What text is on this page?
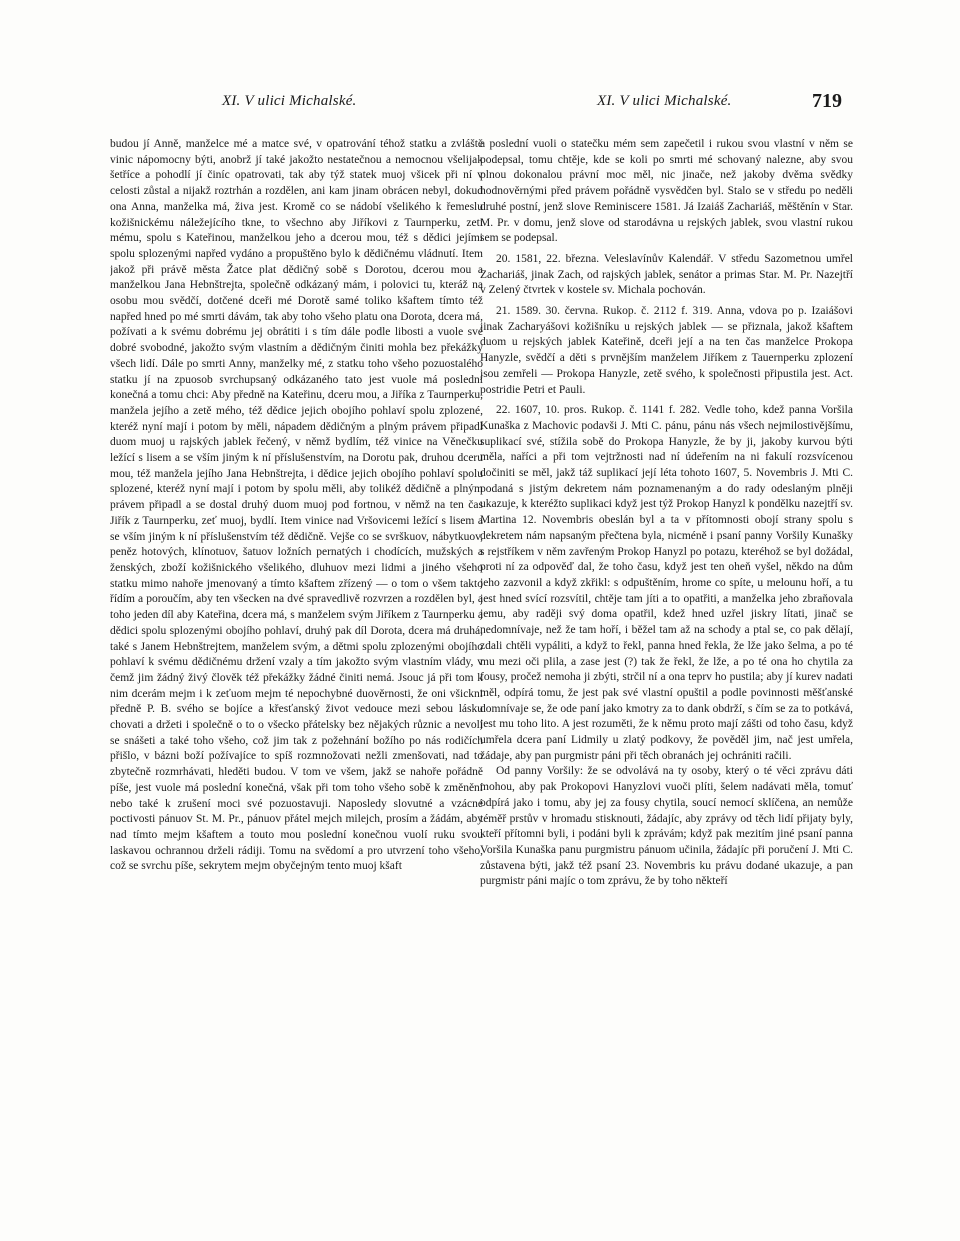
XI. V ulici Michalské.	XI. V ulici Michalské.	719

budou jí Anně, manželce mé a matce své, v opatrování téhož statku a zvláště vinic nápomocny býti, anobrž jí také jakožto nestatečnou a nemocnou všelijak šetříce a pohodlí jí činíc opatrovati, tak aby týž statek muoj všicek při ní v celosti zůstal a nijakž roztrhán a rozdělen, ani kam jinam obrácen nebyl, dokud ona Anna, manželka má, živa jest. Kromě co se nádobí všelikého k řemeslu kožišnickému náležejícího tkne, to všechno aby Jiříkovi z Taurnperku, zeti mému, spolu s Kateřinou, manželkou jeho a dcerou mou, též s dědici jejími spolu splozenými napřed vydáno a propuštěno bylo k dědičnému vládnutí. Item jakož při právě města Žatce plat dědičný sobě s Dorotou, dcerou mou a manželkou Jana Hebnštrejta, společně odkázaný mám, i polovici tu, kteráž na osobu mou svědčí, dotčené dceři mé Dorotě samé toliko kšaftem tímto též napřed hned po mé smrti dávám, tak aby toho všeho platu ona Dorota, dcera má, požívati a k svému dobrému jej obrátiti i s tím dále podle libosti a vuole své dobré svobodné, jakožto svým vlastním a dědičným činiti mohla bez překážky všech lidí. Dále po smrti Anny, manželky mé, z statku toho všeho pozuostalého statku jí na zpuosob svrchupsaný odkázaného tato jest vuole má poslední konečná a tomu chci: Aby předně na Kateřinu, dceru mou, a Jiříka z Taurnperku, manžela jejího a zetě mého, též dědice jejich obojího pohlaví spolu zplozené, kteréž nyní mají i potom by měli, nápadem dědičným a plným právem připadl duom muoj u rajských jablek řečený, v němž bydlím, též vinice na Věnečku ležící s lisem a se vším jiným k ní příslušenstvím, na Dorotu pak, druhou dceru mou, též manžela jejího Jana Hebnštrejta, i dědice jejich obojího pohlaví spolu splozené, kteréž nyní mají i potom by spolu měli, aby tolikéž dědičně a plným právem připadl a se dostal druhý duom muoj pod fortnou, v němž na ten čas Jiřík z Taurnperku, zeť muoj, bydlí. Item vinice nad Vršovicemi ležící s lisem a se vším jiným k ní příslušenstvím též dědičně. Vejše co se svrškuov, nábytkuov, peněz hotových, klínotuov, šatuov ložních pernatých i chodících, mužských a ženských, zboží kožišnického všelikého, dluhuov mezi lidmi a jiného všeho statku mimo nahoře jmenovaný a tímto kšaftem zřízený — o tom o všem takto řídím a poroučím, aby ten všecken na dvé spravedlivě rozvrzen a rozdělen byl, a toho jeden díl aby Kateřina, dcera má, s manželem svým Jiříkem z Taurnperku a dědici spolu splozenými obojího pohlaví, druhý pak díl Dorota, dcera má druhá, také s Janem Hebnštrejtem, manželem svým, a dětmi spolu zplozenými obojího pohlaví k svému dědičnému držení vzaly a tím jakožto svým vlastním vlády, v čemž jim žádný živý člověk též překážky žádné činiti nemá. Jsouc já při tom k nim dcerám mejm i k zeťuom mejm té nepochybné duověrnosti, že oni všickni předně P. B. svého se bojíce a křesťanský život vedouce mezi sebou lásku chovati a držeti i společně o to o všecko přátelsky bez nějakých různic a nevolí se snášeti a také toho všeho, což jim tak z požehnání božího po nás rodičích přišlo, v bázni boží požívajíce to spíš rozmnožovati nežli zmenšovati, nad to zbytečně rozmrhávati, hleděti budou. V tom ve všem, jakž se nahoře pořádně píše, jest vuole má poslední konečná, však při tom toho všeho sobě k změnění nebo také k zrušení moci své pozuostavuji. Naposledy slovutné a vzácné poctivosti pánuov St. M. Pr., pánuov přátel mejch milejch, prosím a žádám, aby nad tímto mejm kšaftem a touto mou poslední konečnou vuolí ruku svou laskavou ochrannou drželi rádiji. Tomu na svědomí a pro utvrzení toho všeho, což se svrchu píše, sekrytem mejm obyčejným tento muoj kšaft

a poslední vuoli o statečku mém sem zapečetil i rukou svou vlastní v něm se podepsal, tomu chtěje, kde se koli po smrti mé schovaný nalezne, aby svou plnou dokonalou právní moc měl, nic jinače, než jakoby dvěma svědky hodnověrnými před právem pořádně vysvědčen byl. Stalo se v středu po neděli druhé postní, jenž slove Reminiscere 1581. Já Izaiáš Zachariáš, měštěnín v Star. M. Pr. v domu, jenž slove od starodávna u rejských jablek, svou vlastní rukou sem se podepsal.

20. 1581, 22. března. Veleslavínův Kalendář. V středu Sazometnou umřel Zachariáš, jinak Zach, od rajských jablek, senátor a primas Star. M. Pr. Nazejtří v Zelený čtvrtek v kostele sv. Michala pochován.

21. 1589. 30. června. Rukop. č. 2112 f. 319. Anna, vdova po p. Izaiášovi jinak Zacharyášovi kožišníku u rejských jablek — se přiznala, jakož kšaftem duom u rejských jablek Kateřině, dceři její a na ten čas manželce Prokopa Hanyzle, svědčí a děti s prvnějším manželem Jiříkem z Tauernperku zplození jsou zemřeli — Prokopa Hanyzle, zetě svého, k společnosti připustila jest. Act. postridie Petri et Pauli.

22. 1607, 10. pros. Rukop. č. 1141 f. 282. Vedle toho, kdež panna Voršila Kunaška z Machovic podavši J. Mti C. pánu, pánu nás všech nejmilostivějšímu, suplikací své, stížila sobě do Prokopa Hanyzle, že by ji, jakoby kurvou býti měla, naříci a při tom vejtržnosti nad ní údeřením na ni fakulí rozsvícenou dočiniti se měl, jakž táž suplikací její léta tohoto 1607, 5. Novembris J. Mti C. podaná s jistým dekretem nám poznamenaným a do rady odeslaným plněji ukazuje, k kteréžto suplikaci když jest týž Prokop Hanyzl k pondělku nazejtří sv. Martina 12. Novembris obeslán byl a ta v přítomnosti obojí strany spolu s dekretem nám napsaným přečtena byla, nicméně i psaní panny Voršily Kunašky s rejstříkem v něm zavřeným Prokop Hanyzl po potazu, kteréhož se byl dožádal, proti ní za odpověď dal, že toho času, když jest ten oheň vyšel, někdo na dům jeho zazvonil a když zkřikl: s odpuštěním, hrome co spíte, u melounu hoří, a tu jest hned svící rozsvítil, chtěje tam jíti a to opatřiti, a manželka jeho zbraňovala jemu, aby raději svý doma opatřil, kdež hned uzřel jiskry lítati, jinač se nedomnívaje, než že tam hoří, i běžel tam až na schody a ptal se, co pak dělají, zdali chtěli vypáliti, a když to řekl, panna hned řekla, že lže jako šelma, a po té mu mezi oči plila, a zase jest (?) tak že řekl, že lže, a po té ona ho chytila za fousy, pročež nemoha ji zbýti, strčil ní a ona teprv ho pustila; aby jí kurev nadati měl, odpírá tomu, že jest pak své vlastní opuštil a podle povinnosti měšťanské domnívaje se, že ode paní jako kmotry za to dank obdrží, s čím se za to potkává, jest mu toho lito. A jest rozuměti, že k němu proto mají zášti od toho času, když umřela dcera paní Lidmily u zlatý podkovy, že pověděl jim, nač jest umřela, žádaje, aby pan purgmistr páni při těch obranách jej ochrániti račili.

Od panny Voršily: že se odvolává na ty osoby, který o té věci zprávu dáti mohou, aby pak Prokopovi Hanyzlovi vuoči plíti, šelem nadávati měla, tomuť odpírá jako i tomu, aby jej za fousy chytila, soucí nemocí sklíčena, an nemůže téměř prstův v hromadu stisknouti, žádajíc, aby zprávy od těch lidí přijaty byly, kteří přítomni byli, i podáni byli k zprávám; když pak mezitím jiné psaní panna Voršila Kunaška panu purgmistru pánuom učinila, žádajíc při poručení J. Mti C. zůstavena býti, jakž též psaní 23. Novembris ku právu dodané ukazuje, a pan purgmistr páni majíc o tom zprávu, že by toho někteří
